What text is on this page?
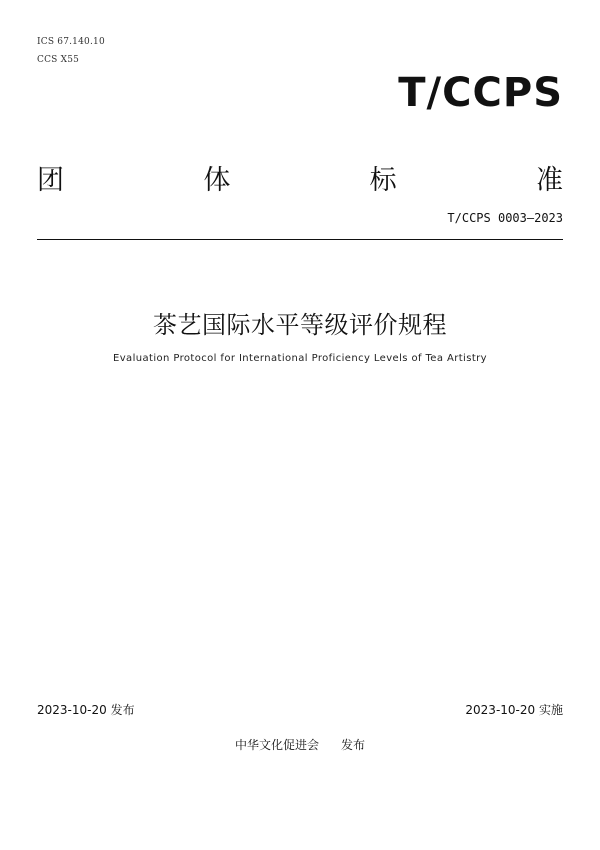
ICS 67.140.10
CCS X55
T/CCPS
团	体	标	准
T/CCPS 0003—2023
茶艺国际水平等级评价规程
Evaluation Protocol for International Proficiency Levels of Tea Artistry
2023-10-20 发布	2023-10-20 实施
中华文化促进会 发布
